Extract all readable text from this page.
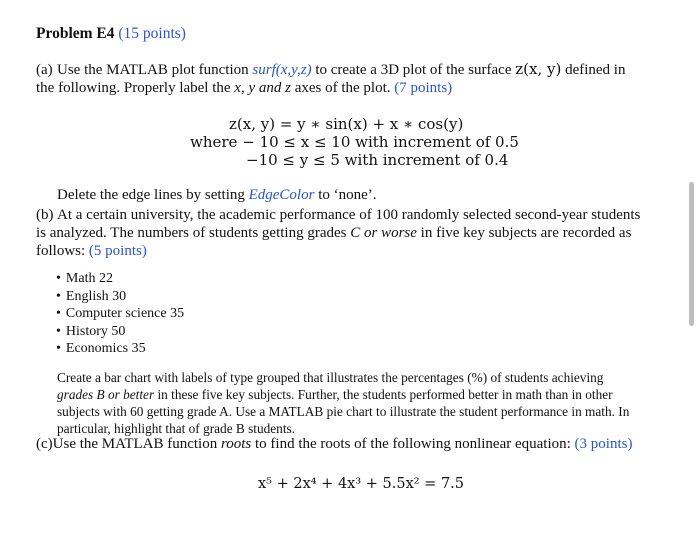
Problem E4 (15 points)
(a) Use the MATLAB plot function surf(x,y,z) to create a 3D plot of the surface z(x, y) defined in the following. Properly label the x, y and z axes of the plot. (7 points)
z(x, y) = y ∗ sin(x) + x ∗ cos(y)
where − 10 ≤ x ≤ 10 with increment of 0.5
−10 ≤ y ≤ 5 with increment of 0.4
Delete the edge lines by setting EdgeColor to ‘none’.
(b) At a certain university, the academic performance of 100 randomly selected second-year students is analyzed. The numbers of students getting grades C or worse in five key subjects are recorded as follows: (5 points)
• Math 22
• English 30
• Computer science 35
• History 50
• Economics 35
Create a bar chart with labels of type grouped that illustrates the percentages (%) of students achieving grades B or better in these five key subjects. Further, the students performed better in math than in other subjects with 60 getting grade A. Use a MATLAB pie chart to illustrate the student performance in math. In particular, highlight that of grade B students.
(c)Use the MATLAB function roots to find the roots of the following nonlinear equation: (3 points)
x⁵ + 2x⁴ + 4x³ + 5.5x² = 7.5
